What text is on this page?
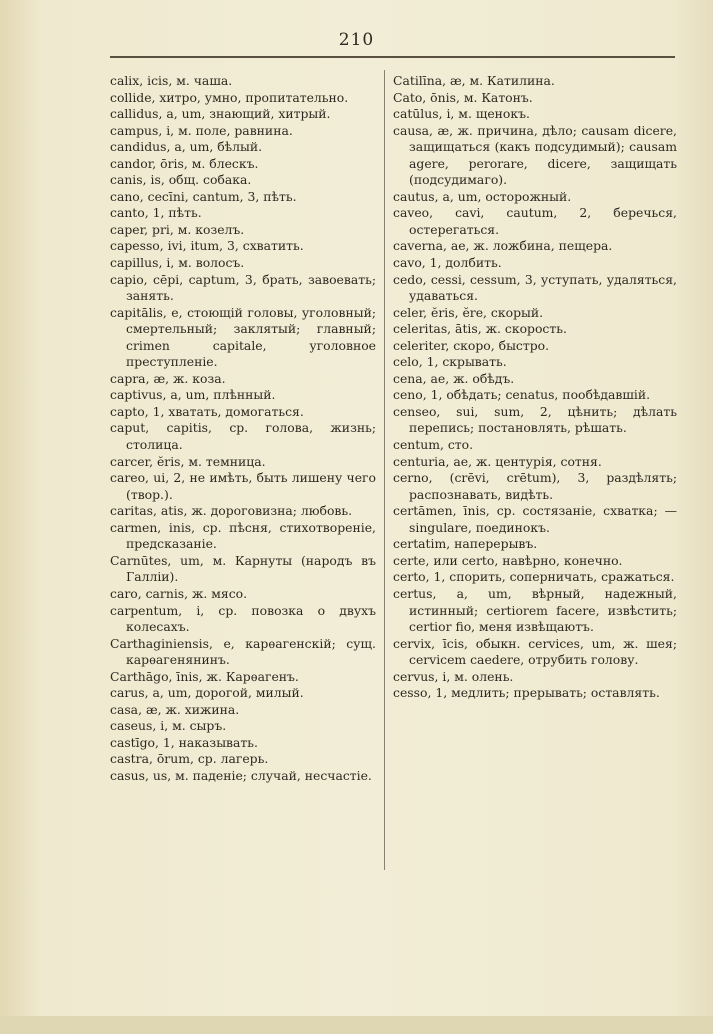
210

calix, icis, м. чаша.

collide, хитро, умно, пропитательно.

callidus, a, um, знающий, хитрый.

campus, i, м. поле, равнина.

candidus, a, um, бѣлый.

candor, ōris, м. блескъ.

canis, is, общ. собака.

cano, cecīni, cantum, 3, пѣть.

canto, 1, пѣть.

caper, pri, м. козелъ.

capesso, ivi, itum, 3, схватить.

capillus, i, м. волосъ.

capio, cēpi, captum, 3, брать, завоевать; занять.

capitālis, e, стоющій головы, уголовный; смертельный; заклятый; главный; crimen capitale, уголовное преступленіе.

capra, æ, ж. коза.

captivus, a, um, плѣнный.

capto, 1, хватать, домогаться.

caput, capitis, ср. голова, жизнь; столица.

carcer, ĕris, м. темница.

careo, ui, 2, не имѣть, быть лишену чего (твор.).

caritas, atis, ж. дороговизна; любовь.

carmen, inis, ср. пѣсня, стихотвореніе, предсказаніе.

Carnūtes, um, м. Карнуты (народъ въ Галліи).

caro, carnis, ж. мясо.

carpentum, i, ср. повозка о двухъ колесахъ.

Carthaginiensis, e, карѳагенскій; сущ. карѳагенянинъ.

Carthāgo, īnis, ж. Карѳагенъ.

carus, a, um, дорогой, милый.

casa, æ, ж. хижина.

caseus, i, м. сыръ.

castīgo, 1, наказывать.

castra, ōrum, ср. лагерь.

casus, us, м. паденіе; случай, несчастіе.

Catilīna, æ, м. Катилина.

Cato, ōnis, м. Катонъ.

catūlus, i, м. щенокъ.

causa, æ, ж. причина, дѣло; causam dicere, защищаться (какъ подсудимый); causam agere, perorare, dicere, защищать (подсудимаго).

cautus, a, um, осторожный.

caveo, cavi, cautum, 2, беречься, остерегаться.

caverna, ae, ж. ложбина, пещера.

cavo, 1, долбить.

cedo, cessi, cessum, 3, уступать, удаляться, удаваться.

celer, ĕris, ĕre, скорый.

celeritas, ātis, ж. скорость.

celeriter, скоро, быстро.

celo, 1, скрывать.

cena, ae, ж. обѣдъ.

ceno, 1, обѣдать; cenatus, пообѣдавшій.

censeo, sui, sum, 2, цѣнить; дѣлать перепись; постановлять, рѣшать.

centum, сто.

centuria, ae, ж. центурія, сотня.

cerno, (crēvi, crētum), 3, раздѣлять; распознавать, видѣть.

certāmen, īnis, ср. состязаніе, схватка; —singulare, поединокъ.

certatim, наперерывъ.

certe, или certo, навѣрно, конечно.

certo, 1, спорить, соперничать, сражаться.

certus, a, um, вѣрный, надежный, истинный; certiorem facere, извѣстить; certior fio, меня извѣщаютъ.

cervix, īcis, обыкн. cervices, um, ж. шея; cervicem caedere, отрубить голову.

cervus, i, м. олень.

cesso, 1, медлить; прерывать; оставлять.
